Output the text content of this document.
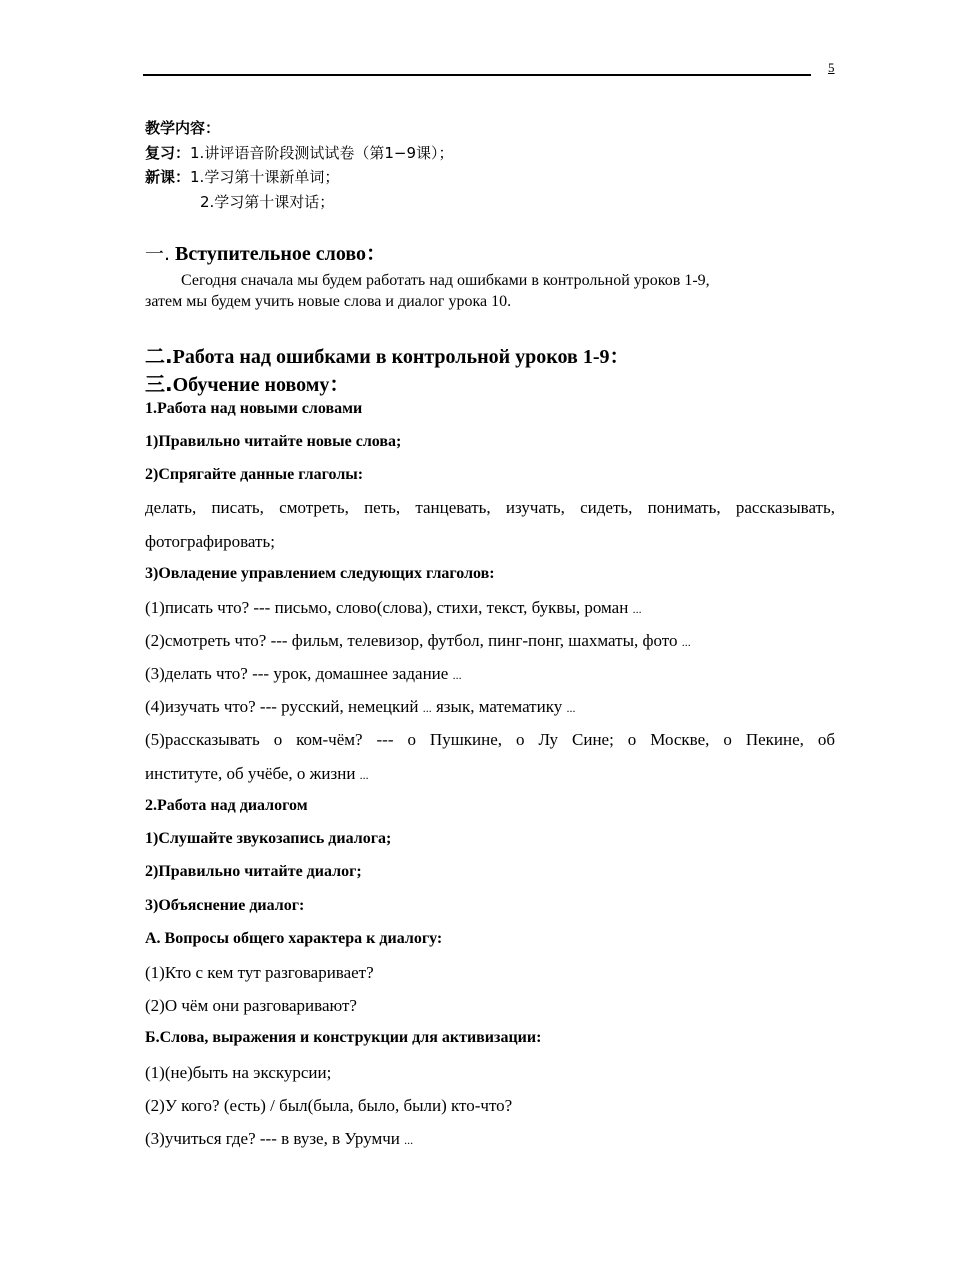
5
教学内容：
复习：1.讲评语音阶段测试试卷（第1−9课）；
新课：1.学习第十课新单词；
2.学习第十课对话；
一. Вступительное слово：
Сегодня сначала мы будем работать над ошибками в контрольной уроков 1-9,
затем мы будем учить новые слова и диалог урока 10.
二.Работа над ошибками в контрольной уроков 1-9：
三.Обучение новому：
1.Работа над новыми словами
1)Правильно читайте новые слова;
2)Спрягайте данные глаголы:
делать, писать, смотреть, петь, танцевать, изучать, сидеть, понимать, рассказывать,
фотографировать;
3)Овладение управлением следующих глаголов:
(1)писать что? --- письмо, слово(слова), стихи, текст, буквы, роман ...
(2)смотреть что? --- фильм, телевизор, футбол, пинг-понг, шахматы, фото ...
(3)делать что? --- урок, домашнее задание ...
(4)изучать что? --- русский, немецкий ... язык, математику ...
(5)рассказывать о ком-чём? --- о Пушкине, о Лу Сине; о Москве, о Пекине, об
институте, об учёбе, о жизни ...
2.Работа над диалогом
1)Слушайте звукозапись диалога;
2)Правильно читайте диалог;
3)Объяснение диалог:
А. Вопросы общего характера к диалогу:
(1)Кто с кем тут разговаривает?
(2)О чём они разговаривают?
Б.Слова, выражения и конструкции для активизации:
(1)(не)быть на экскурсии;
(2)У кого? (есть) / был(была, было, были) кто-что?
(3)учиться где? --- в вузе, в Урумчи ...
